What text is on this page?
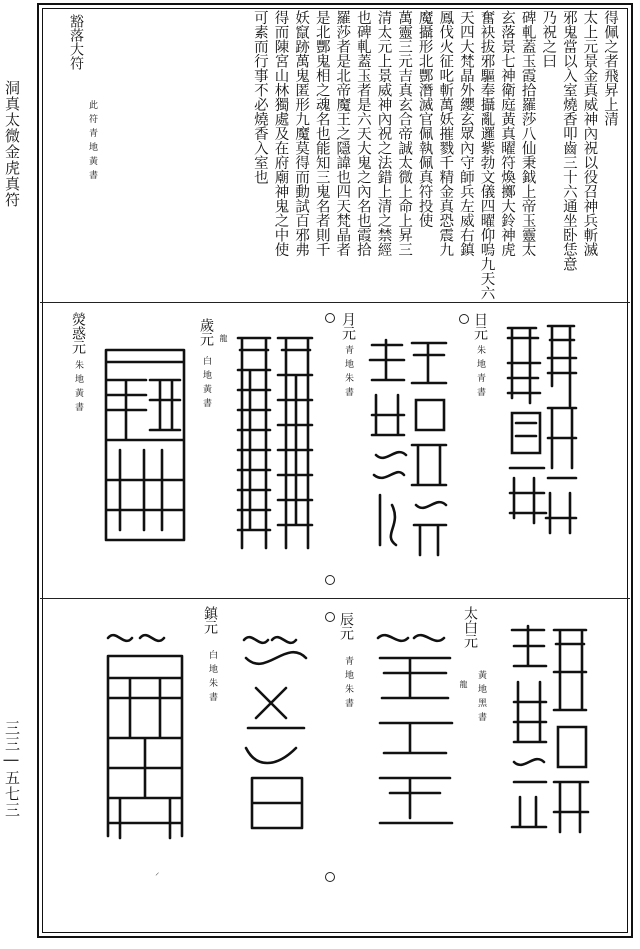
洞真太微金虎真符
三三 | 五七三
得佩之者飛昇上清
太上元景金真威神內祝以役召神兵斬滅
邪鬼當以入室燒香叩齒三十六通坐卧恁意
乃祝之曰
碑軋蓋玉霞拾羅莎八仙秉鉞上帝玉靈太
玄落景七神衛庭黃真曜符煥擲大鈴神虎
奮袂拔邪驅奉攝亂邏紫勃文儀四曜仰嗚九天六
天四大梵晶外纓玄眾內守師兵左威右鎮
鳳伐火征叱斬萬妖摧戮千精金真恐震九
魔攝形北酆潛滅官佩執佩真符投使
萬靈三元吉真玄合帝誠太微上命上昇三
清太元上景威神內祝之法錯上清之禁經
也碑軋蓋玉者是六天大鬼之內名也霞拾
羅莎者是北帝魔王之隱諱也四天梵晶者
是北酆鬼相之魂名也能知三鬼名者則千
妖竄跡萬鬼匿形九魔莫得而動試百邪弗
得而陳宮山林獨處及在府廟神鬼之中使
可素而行事不必燒香入室也
豁落大符
此符青地黃書
日元
朱地青書
月元
青地朱書
歲元
白地黃書
熒惑元
朱地黃書
龍
太白元
黃地黑書
龍
辰元
青地朱書
鎮元
白地朱書
⸌
